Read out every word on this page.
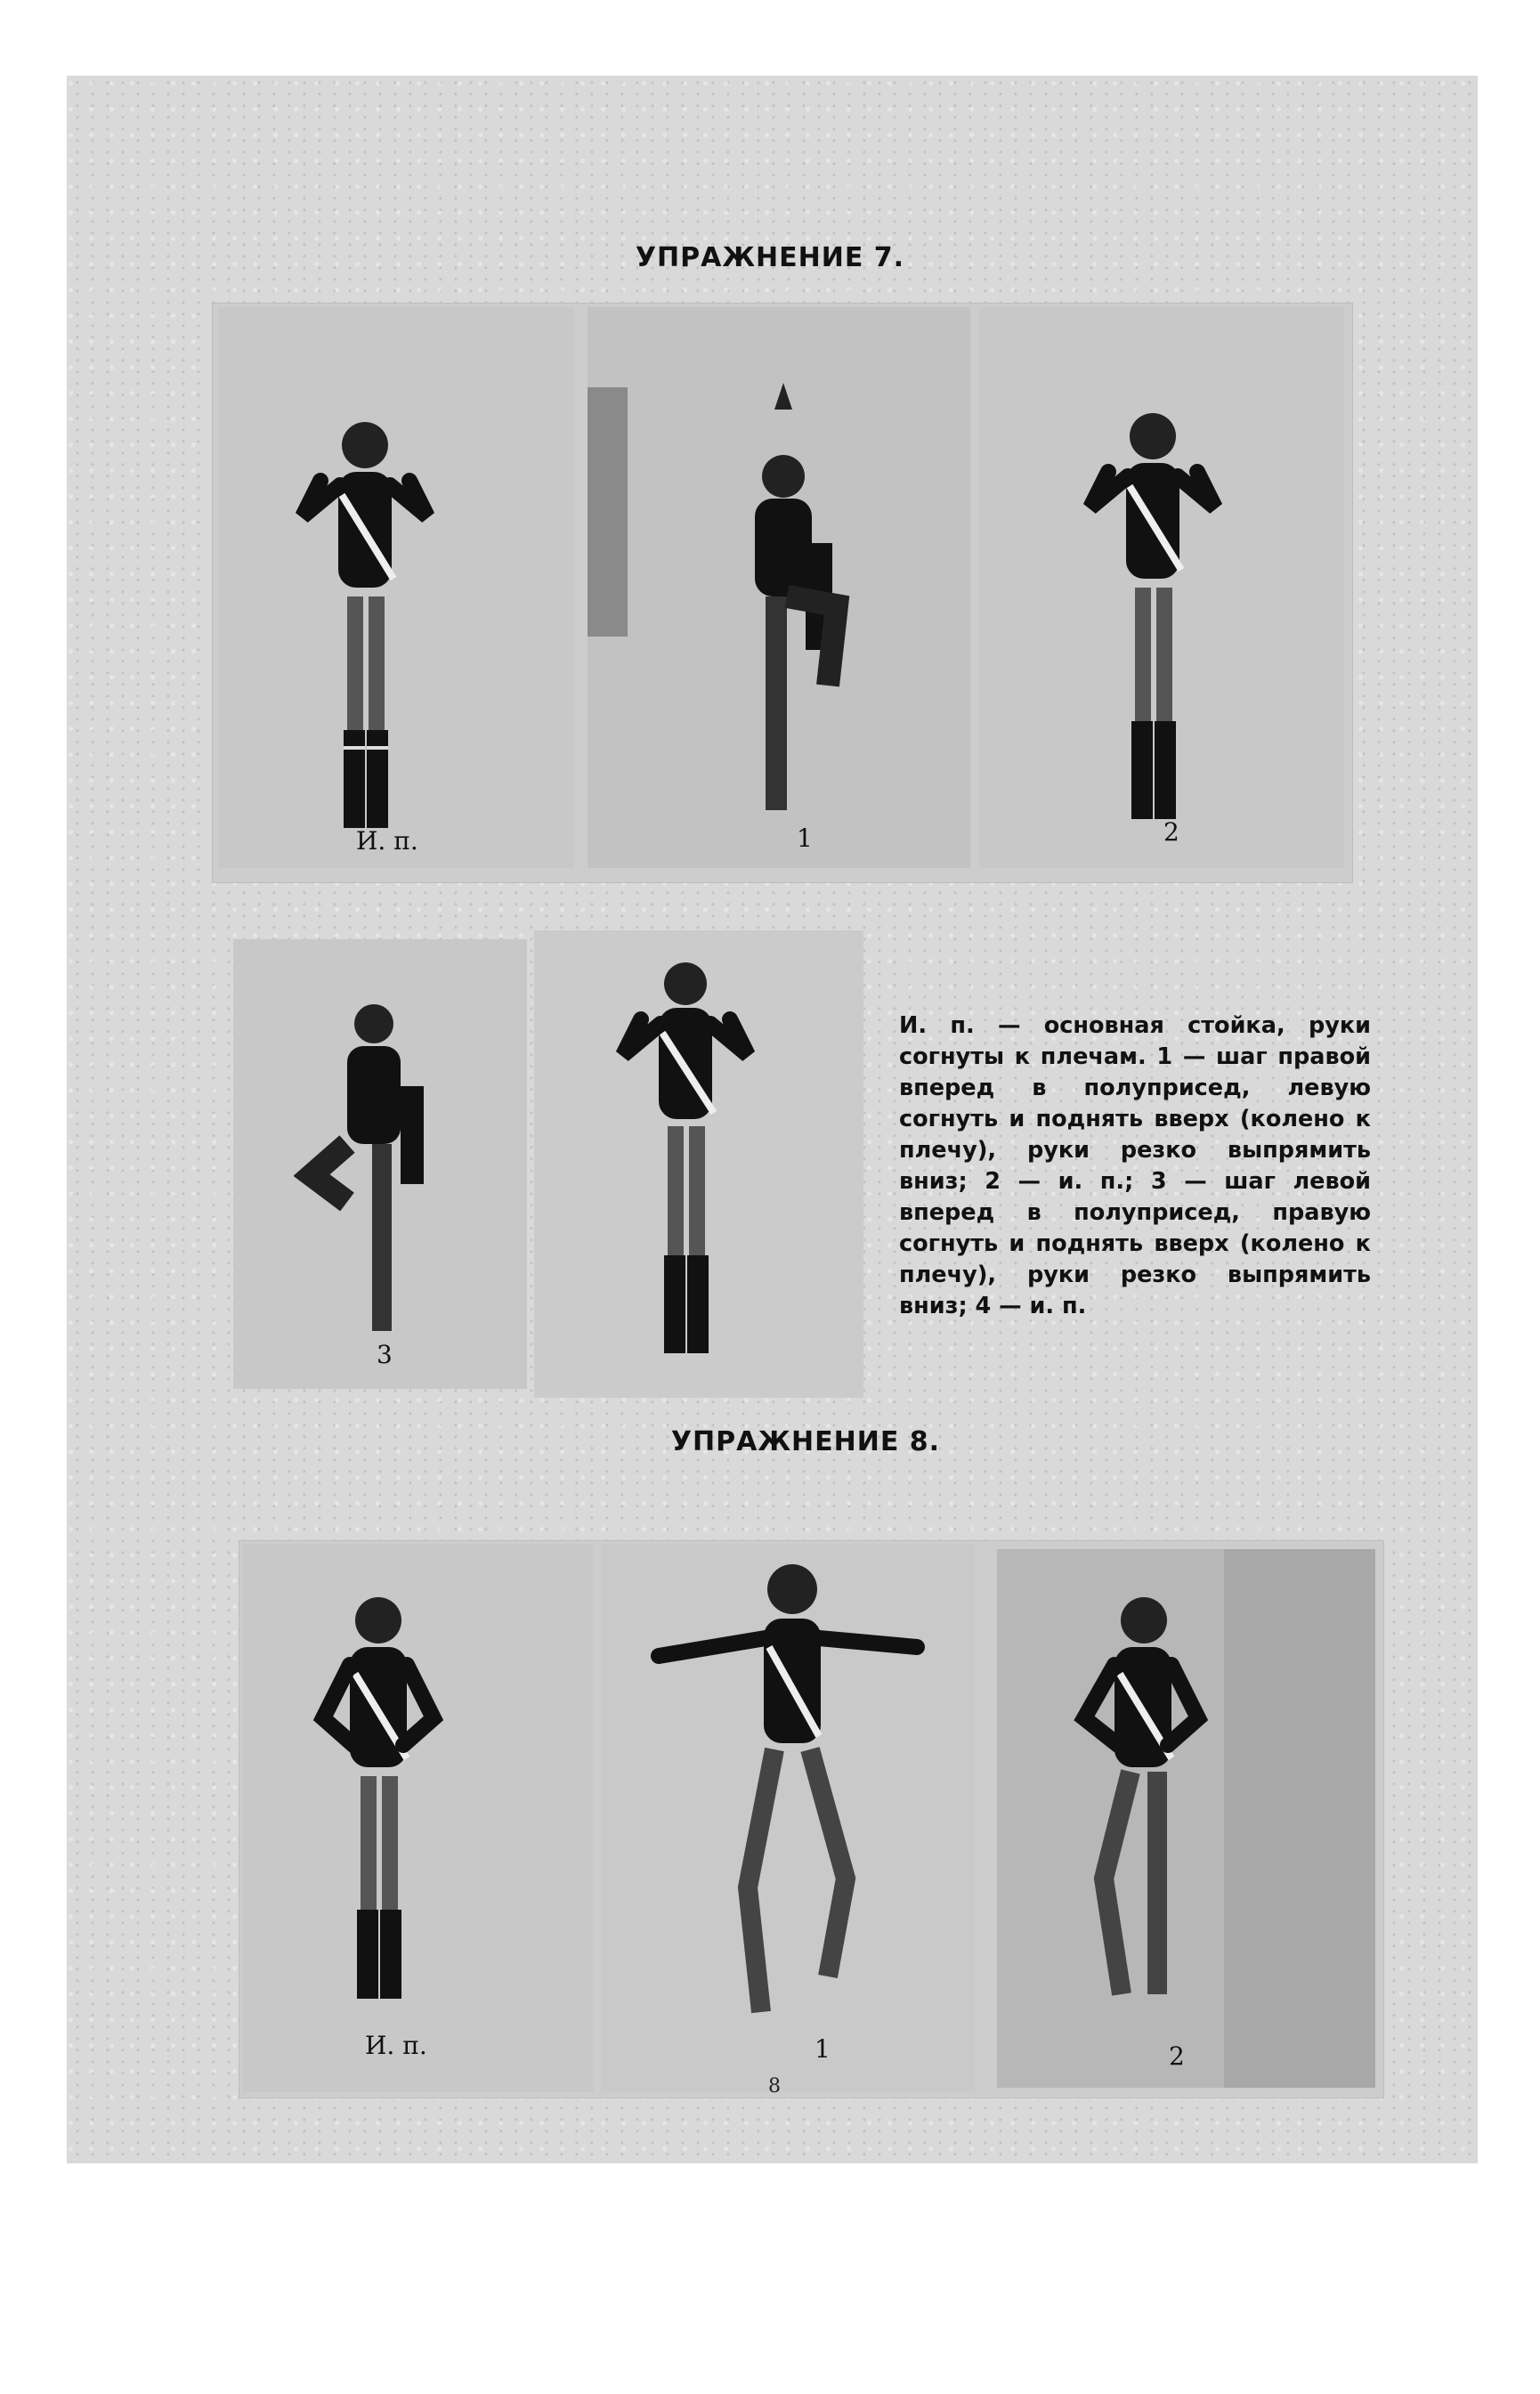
УПРАЖНЕНИЕ 7.
И. п.	1	2
3
И. п. — основная стойка, руки согнуты к плечам. 1 — шаг правой вперед в полуприсед, левую согнуть и поднять вверх (колено к плечу), руки резко выпрямить вниз; 2 — и. п.; 3 — шаг левой вперед в полуприсед, правую согнуть и поднять вверх (колено к плечу), руки резко выпрямить вниз; 4 — и. п.
УПРАЖНЕНИЕ 8.
И. п.	1	2
8
